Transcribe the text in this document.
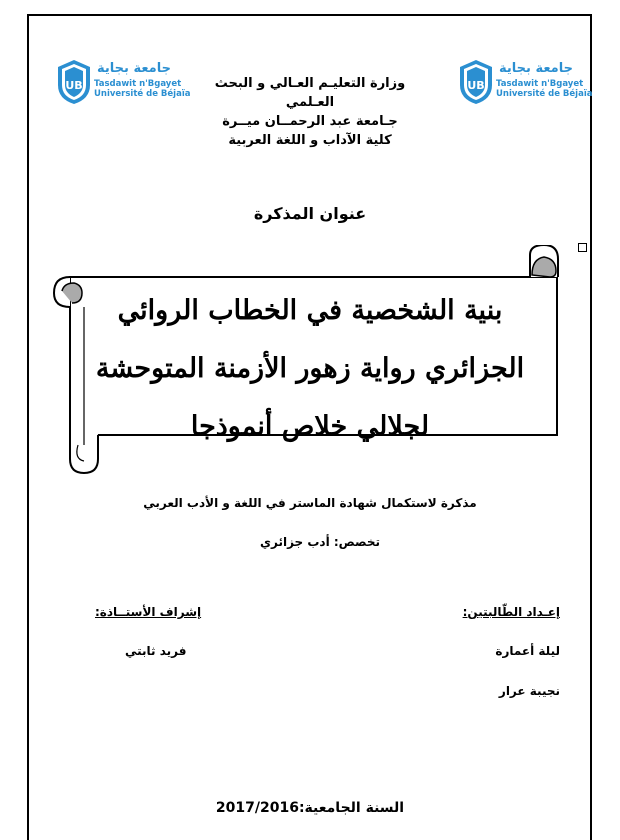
UB
جامعة بجاية
Tasdawit n'Bgayet
Université de Béjaïa
UB
جامعة بجاية
Tasdawit n'Bgayet
Université de Béjaïa
وزارة التعليـم العـالي و البحث العـلمي
جـامعة عبد الرحمــان ميــرة
كلية الآداب و اللغة العربية
عنوان المذكرة
بنية الشخصية في الخطاب الروائي
الجزائري رواية زهور الأزمنة المتوحشة
لجلالي خلاص أنموذجا
مذكرة لاستكمال شهادة الماستر في اللغة و الأدب العربي
تخصص: أدب جزائري
إعـداد الطّالبتين:
ليلة أعمارة
نجيبة عرار
إشراف الأستــاذة:
فريد ثابتي
السنة الجامعية:2017/2016
